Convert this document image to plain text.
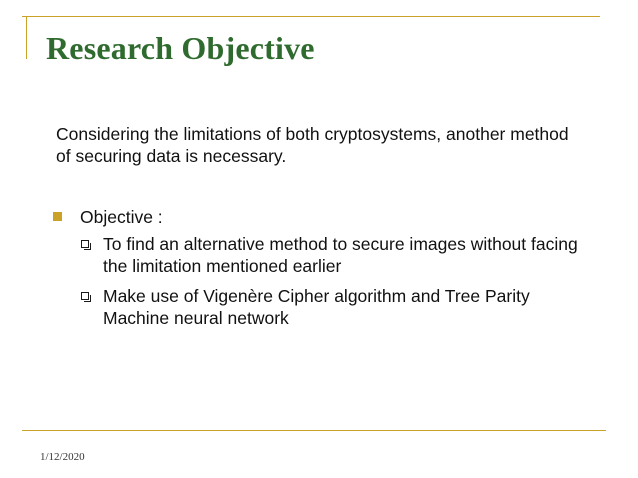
Research Objective
Considering the limitations of both cryptosystems, another method of securing data is necessary.
Objective :
To find an alternative method to secure images without facing the limitation mentioned earlier
Make use of Vigenère Cipher algorithm and Tree Parity Machine neural network
1/12/2020
